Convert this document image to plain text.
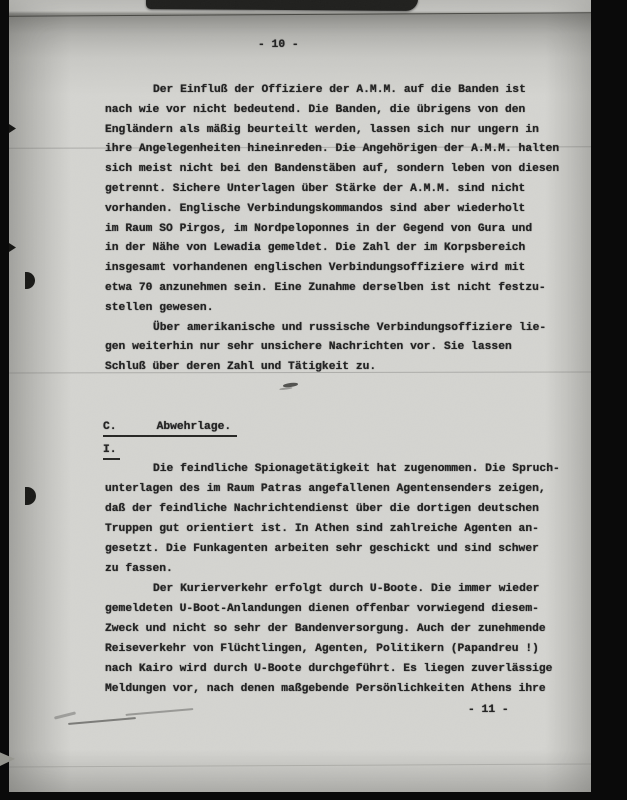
- 10 -
Der Einfluß der Offiziere der A.M.M. auf die Banden ist
nach wie vor nicht bedeutend. Die Banden, die übrigens von den
Engländern als mäßig beurteilt werden, lassen sich nur ungern in
ihre Angelegenheiten hineinreden. Die Angehörigen der A.M.M. halten
sich meist nicht bei den Bandenstäben auf, sondern leben von diesen
getrennt. Sichere Unterlagen über Stärke der A.M.M. sind nicht
vorhanden. Englische Verbindungskommandos sind aber wiederholt
im Raum SO Pirgos, im Nordpeloponnes in der Gegend von Gura und
in der Nähe von Lewadia gemeldet. Die Zahl der im Korpsbereich
insgesamt vorhandenen englischen Verbindungsoffiziere wird mit
etwa 70 anzunehmen sein. Eine Zunahme derselben ist nicht festzu-
stellen gewesen.
Über amerikanische und russische Verbindungsoffiziere lie-
gen weiterhin nur sehr unsichere Nachrichten vor. Sie lassen
Schluß über deren Zahl und Tätigkeit zu.
C.	Abwehrlage.
I.
Die feindliche Spionagetätigkeit hat zugenommen. Die Spruch-
unterlagen des im Raum Patras angefallenen Agentensenders zeigen,
daß der feindliche Nachrichtendienst über die dortigen deutschen
Truppen gut orientiert ist. In Athen sind zahlreiche Agenten an-
gesetzt. Die Funkagenten arbeiten sehr geschickt und sind schwer
zu fassen.
Der Kurierverkehr erfolgt durch U-Boote. Die immer wieder
gemeldeten U-Boot-Anlandungen dienen offenbar vorwiegend diesem-
Zweck und nicht so sehr der Bandenversorgung. Auch der zunehmende
Reiseverkehr von Flüchtlingen, Agenten, Politikern (Papandreu !)
nach Kairo wird durch U-Boote durchgeführt. Es liegen zuverlässige
Meldungen vor, nach denen maßgebende Persönlichkeiten Athens ihre
- 11 -
